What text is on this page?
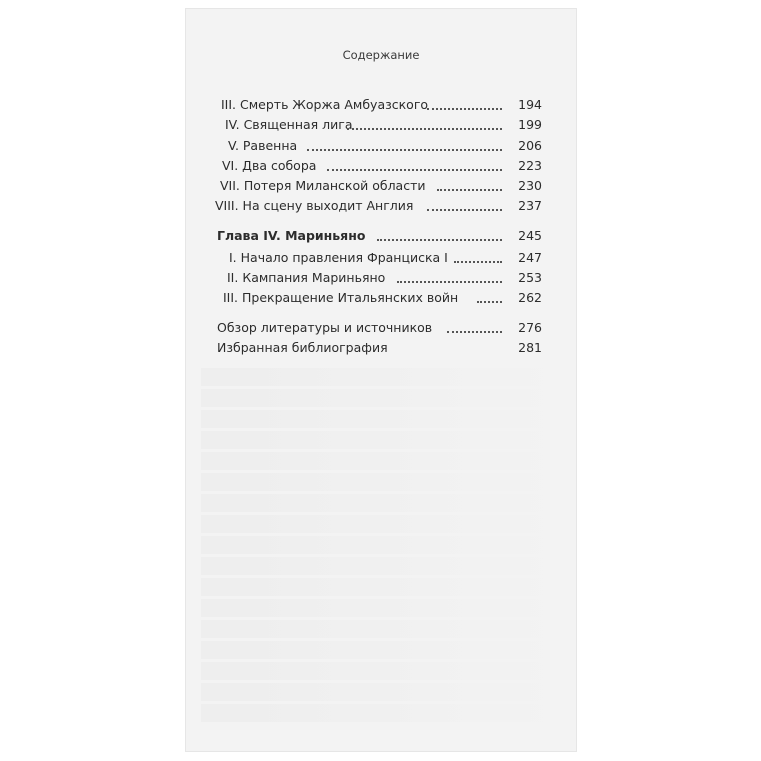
Содержание
III. Смерть Жоржа Амбуазского	194
IV. Священная лига	199
V. Равенна	206
VI. Два собора	223
VII. Потеря Миланской области	230
VIII. На сцену выходит Англия	237
Глава IV. Мариньяно	245
I. Начало правления Франциска I	247
II. Кампания Мариньяно	253
III. Прекращение Итальянских войн	262
Обзор литературы и источников	276
Избранная библиография	281
